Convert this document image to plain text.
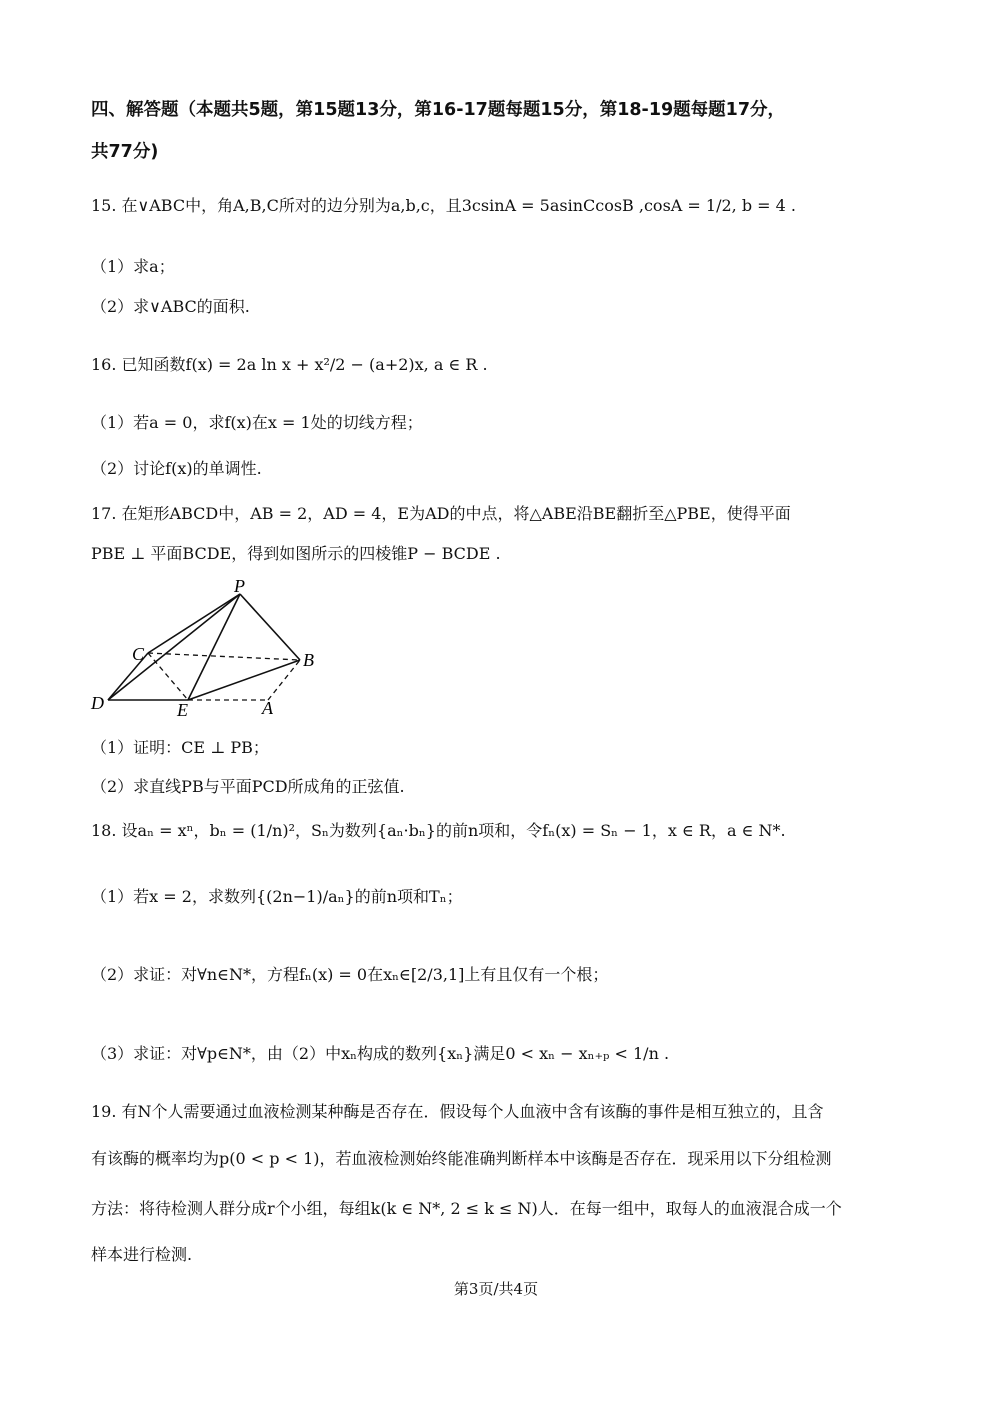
四、解答题（本题共5题，第15题13分，第16-17题每题15分，第18-19题每题17分，
共77分)
15. 在∨ABC中，角A,B,C所对的边分别为a,b,c，且3csinA = 5asinCcosB ,cosA = 1/2, b = 4 .
（1）求a；
（2）求∨ABC的面积.
16. 已知函数f(x) = 2a ln x + x²/2 − (a+2)x, a ∈ R .
（1）若a = 0，求f(x)在x = 1处的切线方程；
（2）讨论f(x)的单调性.
17. 在矩形ABCD中，AB = 2，AD = 4，E为AD的中点，将△ABE沿BE翻折至△PBE，使得平面
PBE ⊥ 平面BCDE，得到如图所示的四棱锥P − BCDE .
P
C	B
D	E	A
（1）证明：CE ⊥ PB；
（2）求直线PB与平面PCD所成角的正弦值.
18. 设aₙ = xⁿ，bₙ = (1/n)²，Sₙ为数列{aₙ·bₙ}的前n项和，令fₙ(x) = Sₙ − 1，x ∈ R，a ∈ N*.
（1）若x = 2，求数列{(2n−1)/aₙ}的前n项和Tₙ；
（2）求证：对∀n∈N*，方程fₙ(x) = 0在xₙ∈[2/3,1]上有且仅有一个根；
（3）求证：对∀p∈N*，由（2）中xₙ构成的数列{xₙ}满足0 < xₙ − xₙ₊ₚ < 1/n .
19. 有N个人需要通过血液检测某种酶是否存在．假设每个人血液中含有该酶的事件是相互独立的，且含
有该酶的概率均为p(0 < p < 1)，若血液检测始终能准确判断样本中该酶是否存在．现采用以下分组检测
方法：将待检测人群分成r个小组，每组k(k ∈ N*, 2 ≤ k ≤ N)人．在每一组中，取每人的血液混合成一个
样本进行检测.
第3页/共4页
